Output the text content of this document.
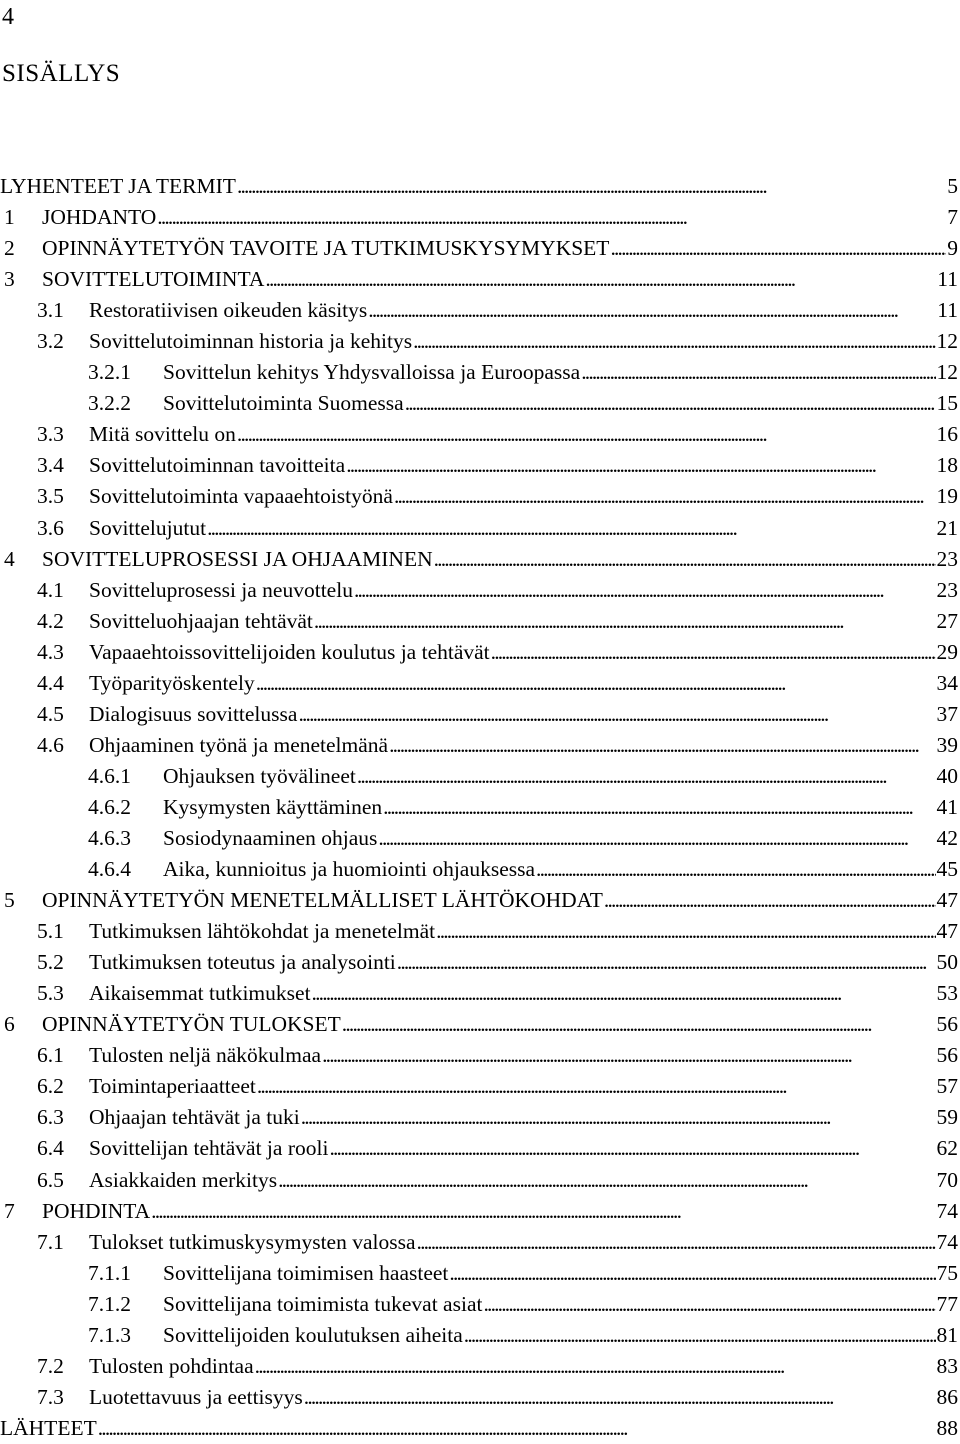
4
SISÄLLYS
LYHENTEET JA TERMIT . . .	5
1	JOHDANTO . . .	7
2	OPINNÄYTETYÖN TAVOITE JA TUTKIMUSKYSYMYKSET . . .	9
3	SOVITTELUTOIMINTA . . .	11
3.1	Restoratiivisen oikeuden käsitys . . .	11
3.2	Sovittelutoiminnan historia ja kehitys . . .	12
3.2.1	Sovittelun kehitys Yhdysvalloissa ja Euroopassa . . .	12
3.2.2	Sovittelutoiminta Suomessa . . .	15
3.3	Mitä sovittelu on . . .	16
3.4	Sovittelutoiminnan tavoitteita . . .	18
3.5	Sovittelutoiminta vapaaehtoistyönä . . .	19
3.6	Sovittelujutut . . .	21
4	SOVITTELUPROSESSI JA OHJAAMINEN . . .	23
4.1	Sovitteluprosessi ja neuvottelu . . .	23
4.2	Sovitteluohjaajan tehtävät . . .	27
4.3	Vapaaehtoissovittelijoiden koulutus ja tehtävät . . .	29
4.4	Työparityöskentely . . .	34
4.5	Dialogisuus sovittelussa . . .	37
4.6	Ohjaaminen työnä ja menetelmänä . . .	39
4.6.1	Ohjauksen työvälineet . . .	40
4.6.2	Kysymysten käyttäminen . . .	41
4.6.3	Sosiodynaaminen ohjaus . . .	42
4.6.4	Aika, kunnioitus ja huomiointi ohjauksessa . . .	45
5	OPINNÄYTETYÖN MENETELMÄLLISET LÄHTÖKOHDAT . . .	47
5.1	Tutkimuksen lähtökohdat ja menetelmät . . .	47
5.2	Tutkimuksen toteutus ja analysointi . . .	50
5.3	Aikaisemmat tutkimukset . . .	53
6	OPINNÄYTETYÖN TULOKSET . . .	56
6.1	Tulosten neljä näkökulmaa . . .	56
6.2	Toimintaperiaatteet . . .	57
6.3	Ohjaajan tehtävät ja tuki . . .	59
6.4	Sovittelijan tehtävät ja rooli . . .	62
6.5	Asiakkaiden merkitys . . .	70
7	POHDINTA . . .	74
7.1	Tulokset tutkimuskysymysten valossa . . .	74
7.1.1	Sovittelijana toimimisen haasteet . . .	75
7.1.2	Sovittelijana toimimista tukevat asiat . . .	77
7.1.3	Sovittelijoiden koulutuksen aiheita . . .	81
7.2	Tulosten pohdintaa . . .	83
7.3	Luotettavuus ja eettisyys . . .	86
LÄHTEET . . .	88
